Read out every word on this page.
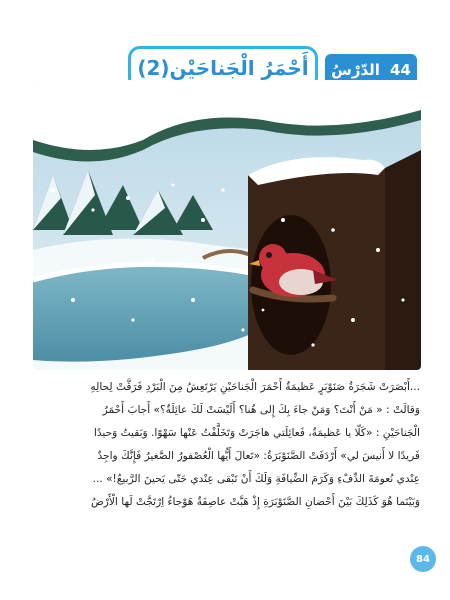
الدّرْسُ 44
أَحْمَرُ الْجَناحَيْنِ(2)

...أَبْصَرَتْ شَجَرَةُ صَنَوْبَرٍ عَظيمَةٌ أَحْمَرَ الْجَناحَيْنِ يَرْتَعِشُ مِنَ الْبَرْدِ فَرَقَّتْ لِحالِهِ

وَقالَتْ : « مَنْ أَنْتَ؟ وَمَنْ جاءَ بِكَ إِلى هُنا؟ أَلَيْسَتْ لَكَ عائِلَةٌ؟» أَجابَ أَحْمَرُ

الْجَناحَيْنِ : «كَلّا يا عَظيمَةُ، فَعائِلَتي هاجَرَتْ وَتَخَلَّفْتُ عَنْها سَهْوًا. وَبَقيتُ وَحيدًا

فَريدًا لا أَنيسَ لي» أَرْدَفَتْ الصَّنَوْبَرَةُ: «تَعالَ أَيُّها الْعُصْفورُ الصَّغيرُ فَإِنَّكَ واجِدٌ

عِنْدي نُعومَةَ الدِّفْءِ وَكَرَمَ الضِّيافَةِ وَلَكَ أَنْ تَبْقى عِنْدي حَتّى يَحينَ الرَّبيعُ!» ...

وَبَيْنَما هُوَ كَذَلِكَ بَيْنَ أَحْضانِ الصَّنَوْبَرَةِ إِذْ هَبَّتْ عاصِفَةٌ هَوْجاءُ اِرْتَجَّتْ لَها الْأَرْضُ

84
